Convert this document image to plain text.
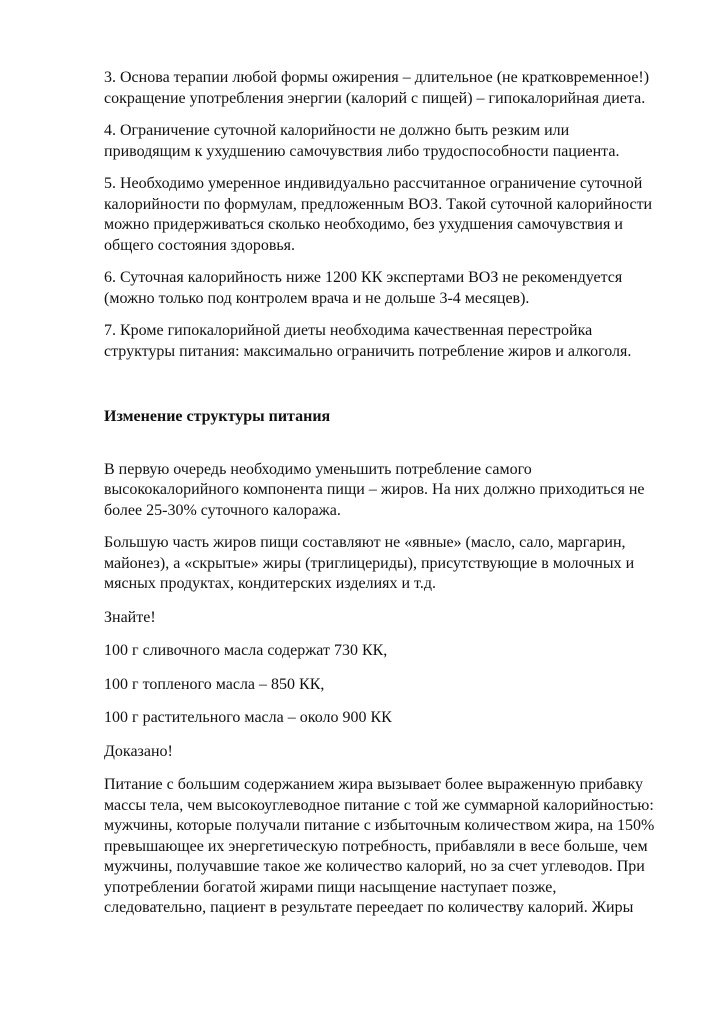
3. Основа терапии любой формы ожирения – длительное (не кратковременное!)
сокращение употребления энергии (калорий с пищей) – гипокалорийная диета.

4. Ограничение суточной калорийности не должно быть резким или
приводящим к ухудшению самочувствия либо трудоспособности пациента.

5. Необходимо умеренное индивидуально рассчитанное ограничение суточной
калорийности по формулам, предложенным ВОЗ. Такой суточной калорийности
можно придерживаться сколько необходимо, без ухудшения самочувствия и
общего состояния здоровья.

6. Суточная калорийность ниже 1200 КК экспертами ВОЗ не рекомендуется
(можно только под контролем врача и не дольше 3-4 месяцев).

7. Кроме гипокалорийной диеты необходима качественная перестройка
структуры питания: максимально ограничить потребление жиров и алкоголя.

Изменение структуры питания

В первую очередь необходимо уменьшить потребление самого
высококалорийного компонента пищи – жиров. На них должно приходиться не
более 25-30% суточного калоража.

Большую часть жиров пищи составляют не «явные» (масло, сало, маргарин,
майонез), а «скрытые» жиры (триглицериды), присутствующие в молочных и
мясных продуктах, кондитерских изделиях и т.д.

Знайте!

100 г сливочного масла содержат 730 КК,

100 г топленого масла – 850 КК,

100 г растительного масла – около 900 КК

Доказано!

Питание с большим содержанием жира вызывает более выраженную прибавку
массы тела, чем высокоуглеводное питание с той же суммарной калорийностью:
мужчины, которые получали питание с избыточным количеством жира, на 150%
превышающее их энергетическую потребность, прибавляли в весе больше, чем
мужчины, получавшие такое же количество калорий, но за счет углеводов. При
употреблении богатой жирами пищи насыщение наступает позже,
следовательно, пациент в результате переедает по количеству калорий. Жиры
